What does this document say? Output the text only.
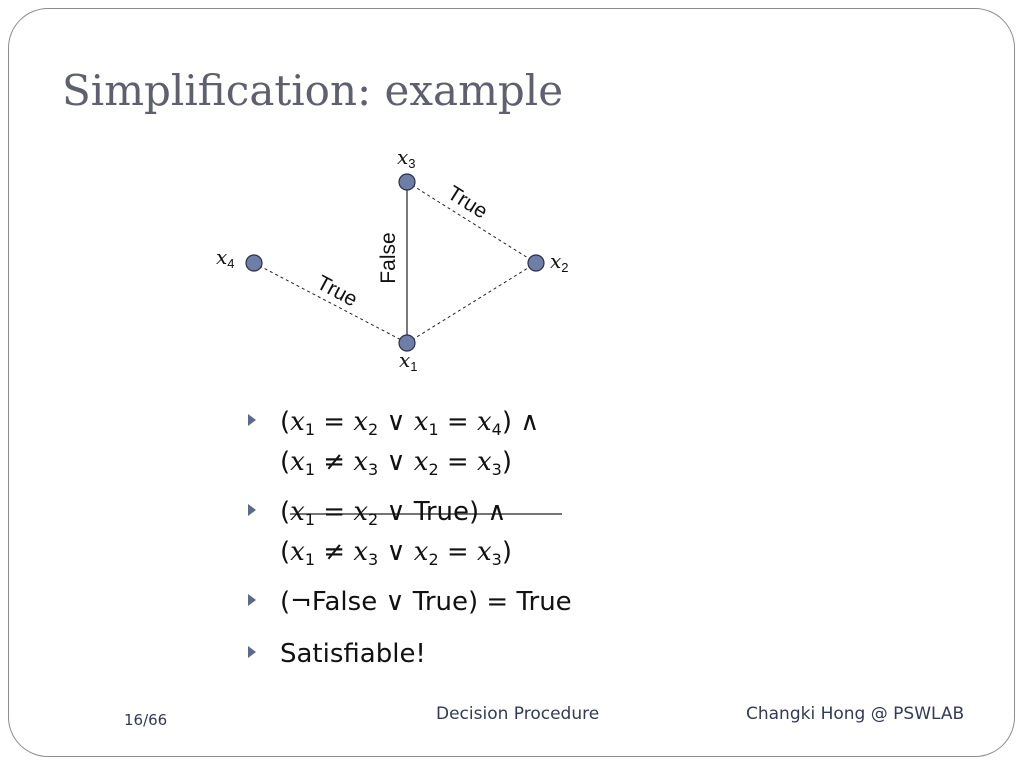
Simplification: example
True
True
False
$x_3$
$x_2$
$x_4$
$x_1$
($x_1 = x_2$ ∨ $x_1 = x_4$) ∧
($x_1 \ne x_3$ ∨ $x_2 = x_3$)
($x_1 = x_2$ ∨ True) ∧
($x_1 \ne x_3$ ∨ $x_2 = x_3$)
(¬False ∨ True) = True
Satisfiable!
16/66	Decision Procedure	Changki Hong @ PSWLAB
